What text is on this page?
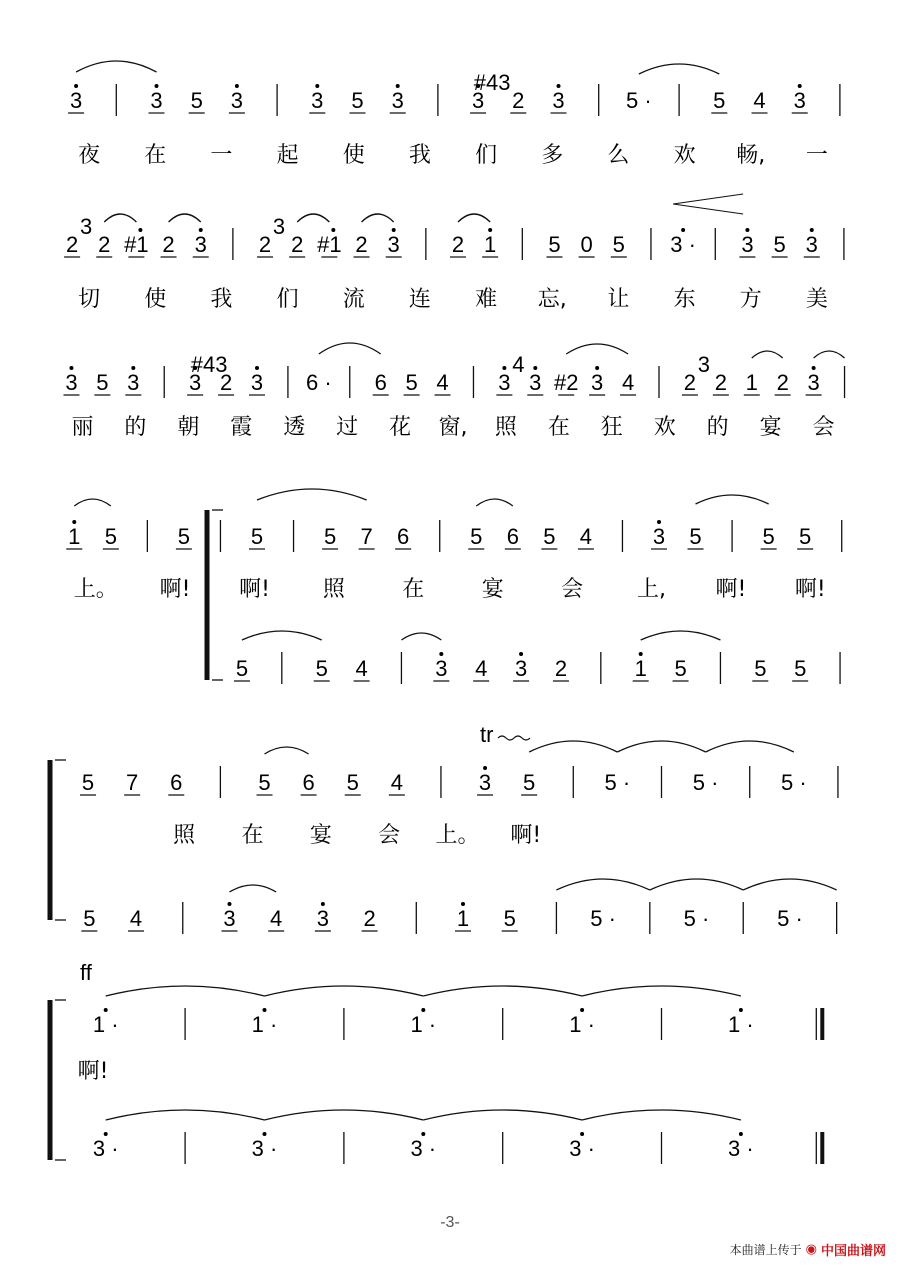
3	3 5 3	3 5 3	3 2 3	5 ·	5 4 3
#43
夜 在 一 起 使 我 们 多 么 欢 畅, 一
2 2 #1 2 3 2 2 #1 2 3 2 1 5 0 5 3 · 3 5 3
3	3
切 使 我 们 流 连 难 忘, 让 东 方 美
3 5 3 3 2 3 6 · 6 5 4 3 3 #2 3 4 2 2 1 2 3
#43	4	3
丽 的 朝 霞 透 过 花 窗, 照 在 狂 欢 的 宴 会
1 5	5	5	5 7 6	5 6 5 4	3 5	5 5
上。 啊! 啊! 照	在	宴	会 上, 啊! 啊!
5	5 4	3 4 3 2	1 5	5 5
tr
5 7 6	5 6 5 4	3 5	5 ·	5 ·	5 ·
照 在 宴 会 上。 啊!
5 4	3 4 3 2	1 5	5 ·	5 ·	5 ·
ff
1 ·	1 ·	1 ·	1 ·	1 ·
啊!
3 ·	3 ·	3 ·	3 ·	3 ·
-3-
本曲谱上传于 ◉ 中国曲谱网
